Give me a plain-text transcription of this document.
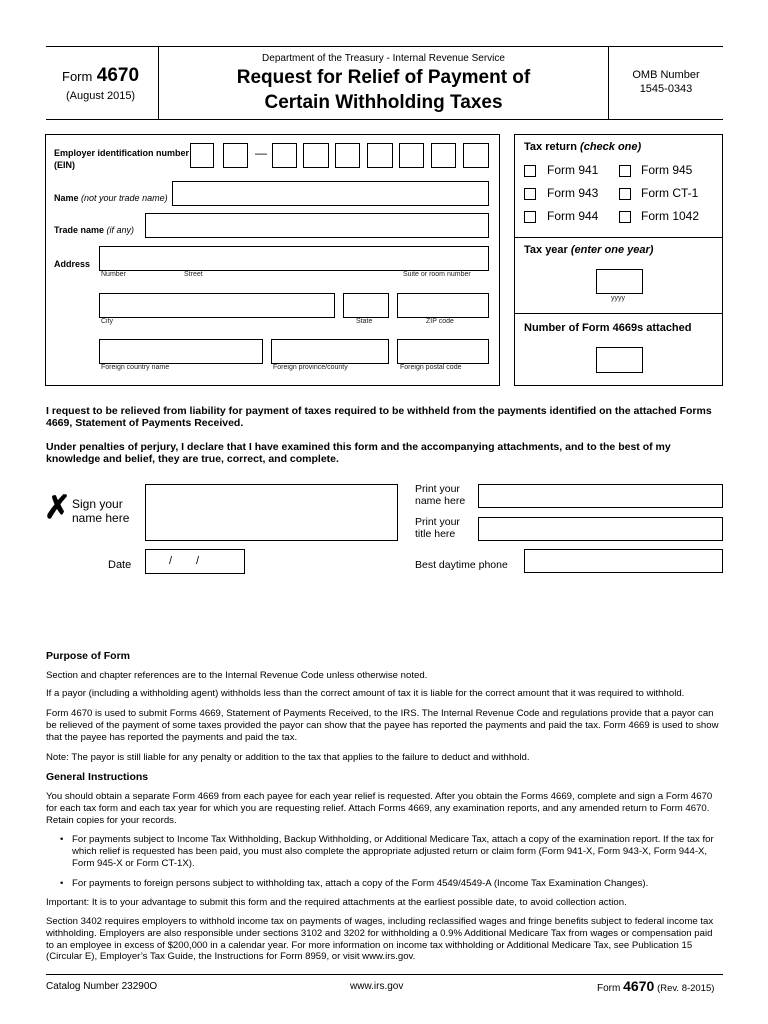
Form 4670
(August 2015)
Department of the Treasury - Internal Revenue Service
Request for Relief of Payment of
Certain Withholding Taxes
OMB Number
1545-0343
Employer identification number
(EIN)
—
Name (not your trade name)
Trade name (if any)
Address
Number	Street	Suite or room number
City	State	ZIP code
Foreign country name	Foreign province/county	Foreign postal code
Tax return (check one)
Form 941	Form 945
Form 943	Form CT-1
Form 944	Form 1042
Tax year (enter one year)
yyyy
Number of Form 4669s attached
I request to be relieved from liability for payment of taxes required to be withheld from the payments identified on the attached Forms 4669, Statement of Payments Received.
Under penalties of perjury, I declare that I have examined this form and the accompanying attachments, and to the best of my knowledge and belief, they are true, correct, and complete.
✗ Sign your
name here
Print your
name here
Print your
title here
Date	/ /	Best daytime phone
Purpose of Form
Section and chapter references are to the Internal Revenue Code unless otherwise noted.
If a payor (including a withholding agent) withholds less than the correct amount of tax it is liable for the correct amount that it was required to withhold.
Form 4670 is used to submit Forms 4669, Statement of Payments Received, to the IRS. The Internal Revenue Code and regulations provide that a payor can be relieved of the payment of some taxes provided the payor can show that the payee has reported the payments and paid the tax. Form 4669 is used to show that the payee has reported the payments and paid the tax.
Note: The payor is still liable for any penalty or addition to the tax that applies to the failure to deduct and withhold.
General Instructions
You should obtain a separate Form 4669 from each payee for each year relief is requested. After you obtain the Forms 4669, complete and sign a Form 4670 for each tax form and each tax year for which you are requesting relief. Attach Forms 4669, any examination reports, and any amended return to Form 4670. Retain copies for your records.
• For payments subject to Income Tax Withholding, Backup Withholding, or Additional Medicare Tax, attach a copy of the examination report. If the tax for which relief is requested has been paid, you must also complete the appropriate adjusted return or claim form (Form 941-X, Form 943-X, Form 944-X, Form 945-X or Form CT-1X).
• For payments to foreign persons subject to withholding tax, attach a copy of the Form 4549/4549-A (Income Tax Examination Changes).
Important: It is to your advantage to submit this form and the required attachments at the earliest possible date, to avoid collection action.
Section 3402 requires employers to withhold income tax on payments of wages, including reclassified wages and fringe benefits subject to federal income tax withholding. Employers are also responsible under sections 3102 and 3202 for withholding a 0.9% Additional Medicare Tax from wages or compensation paid to an employee in excess of $200,000 in a calendar year. For more information on income tax withholding or Additional Medicare Tax, see Publication 15 (Circular E), Employer’s Tax Guide, the Instructions for Form 8959, or visit www.irs.gov.
Catalog Number 23290O	www.irs.gov	Form 4670 (Rev. 8-2015)
